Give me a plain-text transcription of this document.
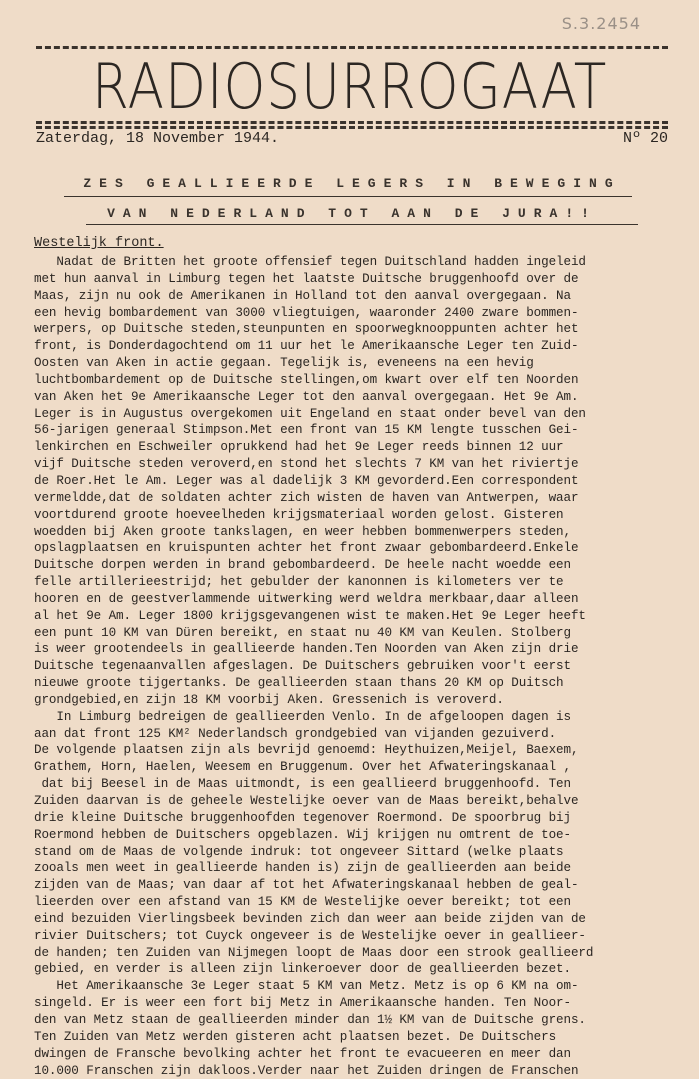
S.3.2454
RADIOSURROGAAT
Zaterdag, 18 November 1944.	Nº 20
ZES GEALLIEERDE LEGERS IN BEWEGING
VAN NEDERLAND TOT AAN DE JURA!!
Westelijk front.
Nadat de Britten het groote offensief tegen Duitschland hadden ingeleid
met hun aanval in Limburg tegen het laatste Duitsche bruggenhoofd over de
Maas, zijn nu ook de Amerikanen in Holland tot den aanval overgegaan. Na
een hevig bombardement van 3000 vliegtuigen, waaronder 2400 zware bommen-
werpers, op Duitsche steden,steunpunten en spoorwegknooppunten achter het
front, is Donderdagochtend om 11 uur het le Amerikaansche Leger ten Zuid-
Oosten van Aken in actie gegaan. Tegelijk is, eveneens na een hevig
luchtbombardement op de Duitsche stellingen,om kwart over elf ten Noorden
van Aken het 9e Amerikaansche Leger tot den aanval overgegaan. Het 9e Am.
Leger is in Augustus overgekomen uit Engeland en staat onder bevel van den
56-jarigen generaal Stimpson.Met een front van 15 KM lengte tusschen Gei-
lenkirchen en Eschweiler oprukkend had het 9e Leger reeds binnen 12 uur
vijf Duitsche steden veroverd,en stond het slechts 7 KM van het riviertje
de Roer.Het le Am. Leger was al dadelijk 3 KM gevorderd.Een correspondent
vermeldde,dat de soldaten achter zich wisten de haven van Antwerpen, waar
voortdurend groote hoeveelheden krijgsmateriaal worden gelost. Gisteren
woedden bij Aken groote tankslagen, en weer hebben bommenwerpers steden,
opslagplaatsen en kruispunten achter het front zwaar gebombardeerd.Enkele
Duitsche dorpen werden in brand gebombardeerd. De heele nacht woedde een
felle artillerieestrijd; het gebulder der kanonnen is kilometers ver te
hooren en de geestverlammende uitwerking werd weldra merkbaar,daar alleen
al het 9e Am. Leger 1800 krijgsgevangenen wist te maken.Het 9e Leger heeft
een punt 10 KM van Düren bereikt, en staat nu 40 KM van Keulen. Stolberg
is weer grootendeels in geallieerde handen.Ten Noorden van Aken zijn drie
Duitsche tegenaanvallen afgeslagen. De Duitschers gebruiken voor't eerst
nieuwe groote tijgertanks. De geallieerden staan thans 20 KM op Duitsch
grondgebied,en zijn 18 KM voorbij Aken. Gressenich is veroverd.
In Limburg bedreigen de geallieerden Venlo. In de afgeloopen dagen is
aan dat front 125 KM² Nederlandsch grondgebied van vijanden gezuiverd.
De volgende plaatsen zijn als bevrijd genoemd: Heythuizen,Meijel, Baexem,
Grathem, Horn, Haelen, Weesem en Bruggenum. Over het Afwateringskanaal ,
dat bij Beesel in de Maas uitmondt, is een geallieerd bruggenhoofd. Ten
Zuiden daarvan is de geheele Westelijke oever van de Maas bereikt,behalve
drie kleine Duitsche bruggenhoofden tegenover Roermond. De spoorbrug bij
Roermond hebben de Duitschers opgeblazen. Wij krijgen nu omtrent de toe-
stand om de Maas de volgende indruk: tot ongeveer Sittard (welke plaats
zooals men weet in geallieerde handen is) zijn de geallieerden aan beide
zijden van de Maas; van daar af tot het Afwateringskanaal hebben de geal-
lieerden over een afstand van 15 KM de Westelijke oever bereikt; tot een
eind bezuiden Vierlingsbeek bevinden zich dan weer aan beide zijden van de
rivier Duitschers; tot Cuyck ongeveer is de Westelijke oever in geallieer-
de handen; ten Zuiden van Nijmegen loopt de Maas door een strook geallieerd
gebied, en verder is alleen zijn linkeroever door de geallieerden bezet.
Het Amerikaansche 3e Leger staat 5 KM van Metz. Metz is op 6 KM na om-
singeld. Er is weer een fort bij Metz in Amerikaansche handen. Ten Noor-
den van Metz staan de geallieerden minder dan 1½ KM van de Duitsche grens.
Ten Zuiden van Metz werden gisteren acht plaatsen bezet. De Duitschers
dwingen de Fransche bevolking achter het front te evacueeren en meer dan
10.000 Franschen zijn dakloos.Verder naar het Zuiden dringen de Franschen
